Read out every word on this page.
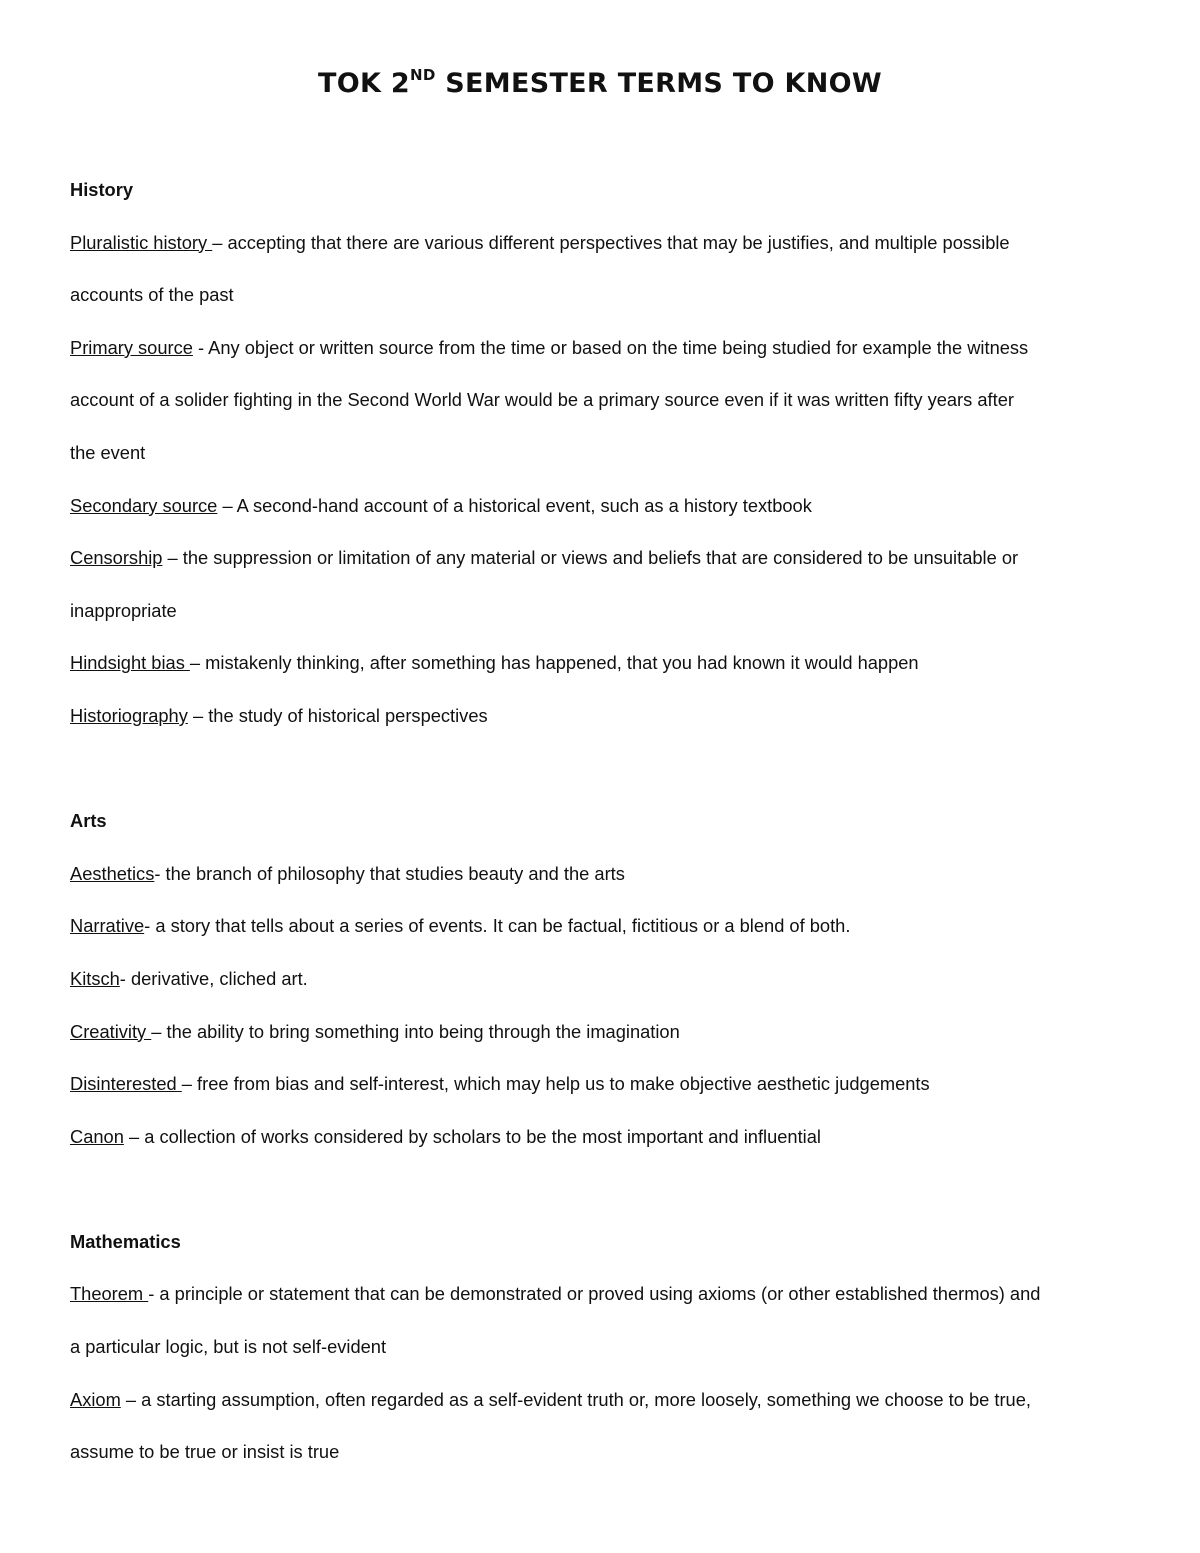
TOK 2ND SEMESTER TERMS TO KNOW
History
Pluralistic history – accepting that there are various different perspectives that may be justifies, and multiple possible
accounts of the past
Primary source - Any object or written source from the time or based on the time being studied for example the witness
account of a solider fighting in the Second World War would be a primary source even if it was written fifty years after
the event
Secondary source – A second-hand account of a historical event, such as a history textbook
Censorship – the suppression or limitation of any material or views and beliefs that are considered to be unsuitable or
inappropriate
Hindsight bias – mistakenly thinking, after something has happened, that you had known it would happen
Historiography – the study of historical perspectives
Arts
Aesthetics- the branch of philosophy that studies beauty and the arts
Narrative- a story that tells about a series of events. It can be factual, fictitious or a blend of both.
Kitsch- derivative, cliched art.
Creativity – the ability to bring something into being through the imagination
Disinterested – free from bias and self-interest, which may help us to make objective aesthetic judgements
Canon – a collection of works considered by scholars to be the most important and influential
Mathematics
Theorem - a principle or statement that can be demonstrated or proved using axioms (or other established thermos) and
a particular logic, but is not self-evident
Axiom – a starting assumption, often regarded as a self-evident truth or, more loosely, something we choose to be true,
assume to be true or insist is true
